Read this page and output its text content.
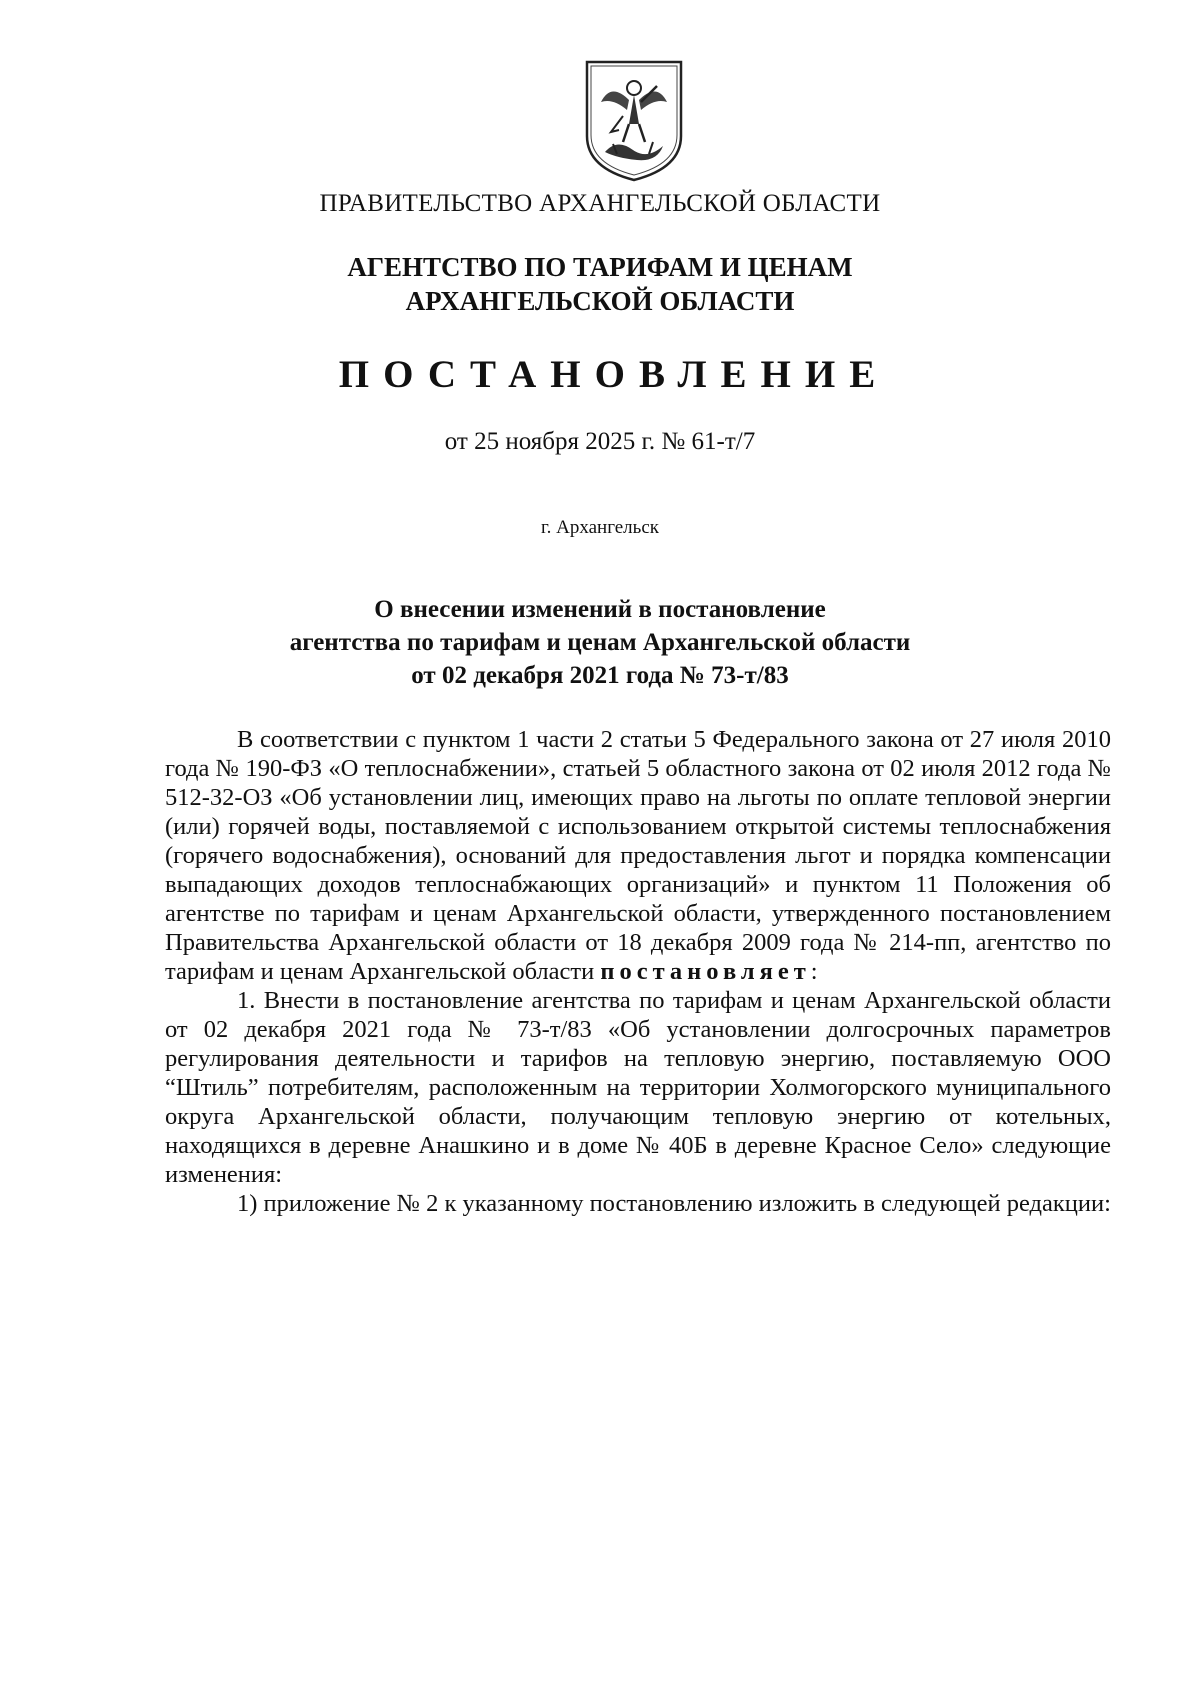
ПРАВИТЕЛЬСТВО АРХАНГЕЛЬСКОЙ ОБЛАСТИ
АГЕНТСТВО ПО ТАРИФАМ И ЦЕНАМ
АРХАНГЕЛЬСКОЙ ОБЛАСТИ
ПОСТАНОВЛЕНИЕ
от 25 ноября 2025 г. № 61-т/7
г. Архангельск
О внесении изменений в постановление
агентства по тарифам и ценам Архангельской области
от 02 декабря 2021 года № 73-т/83

В соответствии с пунктом 1 части 2 статьи 5 Федерального закона от 27 июля 2010 года № 190-ФЗ «О теплоснабжении», статьей 5 областного закона от 02 июля 2012 года № 512-32-ОЗ «Об установлении лиц, имеющих право на льготы по оплате тепловой энергии (или) горячей воды, поставляемой с использованием открытой системы теплоснабжения (горячего водоснабжения), оснований для предоставления льгот и порядка компенсации выпадающих доходов теплоснабжающих организаций» и пунктом 11 Положения об агентстве по тарифам и ценам Архангельской области, утвержденного постановлением Правительства Архангельской области от 18 декабря 2009 года № 214-пп, агентство по тарифам и ценам Архангельской области постановляет:

1. Внести в постановление агентства по тарифам и ценам Архангельской области от 02 декабря 2021 года № 73-т/83 «Об установлении долгосрочных параметров регулирования деятельности и тарифов на тепловую энергию, поставляемую ООО “Штиль” потребителям, расположенным на территории Холмогорского муниципального округа Архангельской области, получающим тепловую энергию от котельных, находящихся в деревне Анашкино и в доме № 40Б в деревне Красное Село» следующие изменения:

1) приложение № 2 к указанному постановлению изложить в следующей редакции:
